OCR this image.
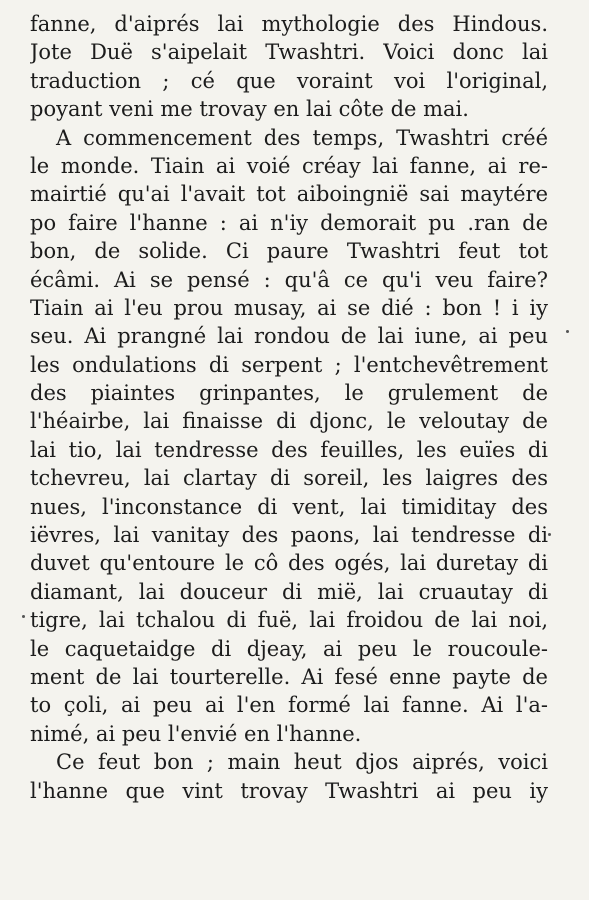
fanne, d'aiprés lai mythologie des Hindous.
Jote Duë s'aipelait Twashtri. Voici donc lai
traduction ; cé que voraint voi l'original,
poyant veni me trovay en lai côte de mai.
A commencement des temps, Twashtri créé
le monde. Tiain ai voié créay lai fanne, ai re-
mairtié qu'ai l'avait tot aiboingnië sai maytére
po faire l'hanne : ai n'iy demorait pu .ran de
bon, de solide. Ci paure Twashtri feut tot
écâmi. Ai se pensé : qu'â ce qu'i veu faire?
Tiain ai l'eu prou musay, ai se dié : bon ! i iy
seu. Ai prangné lai rondou de lai iune, ai peu
les ondulations di serpent ; l'entchevêtrement
des piaintes grinpantes, le grulement de
l'héairbe, lai finaisse di djonc, le veloutay de
lai tio, lai tendresse des feuilles, les euïes di
tchevreu, lai clartay di soreil, les laigres des
nues, l'inconstance di vent, lai timiditay des
iëvres, lai vanitay des paons, lai tendresse di
duvet qu'entoure le cô des ogés, lai duretay di
diamant, lai douceur di mië, lai cruautay di
tigre, lai tchalou di fuë, lai froidou de lai noi,
le caquetaidge di djeay, ai peu le roucoule-
ment de lai tourterelle. Ai fesé enne payte de
to çoli, ai peu ai l'en formé lai fanne. Ai l'a-
nimé, ai peu l'envié en l'hanne.
Ce feut bon ; main heut djos aiprés, voici
l'hanne que vint trovay Twashtri ai peu iy
